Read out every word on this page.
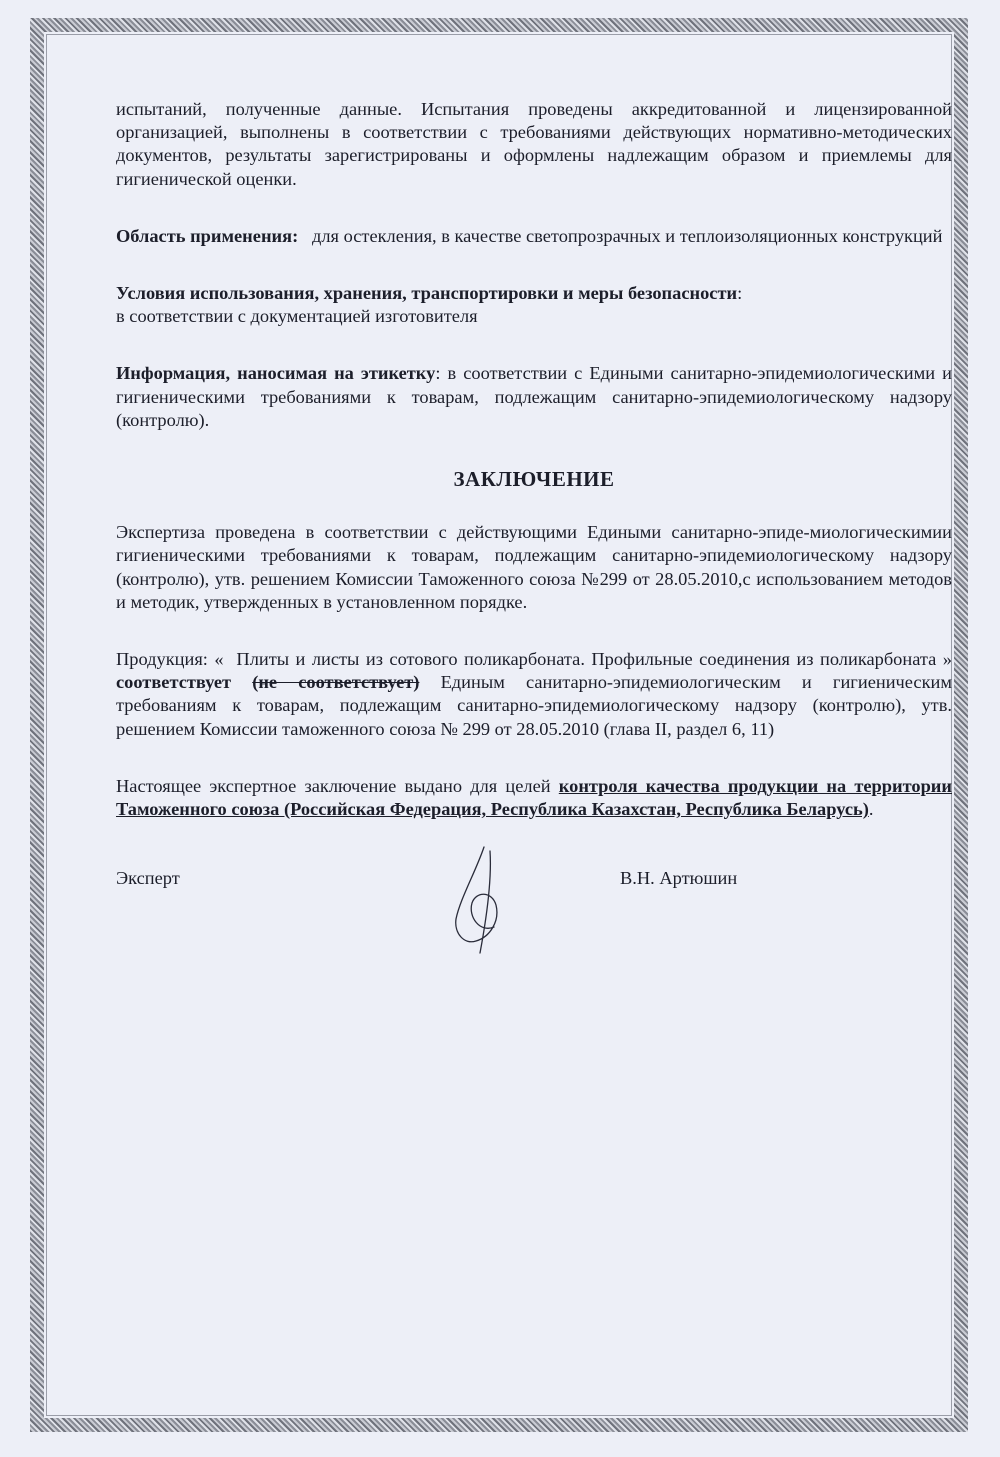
испытаний, полученные данные. Испытания проведены аккредитованной и лицензированной организацией, выполнены в соответствии с требованиями действующих нормативно-методических документов, результаты зарегистрированы и оформлены надлежащим образом и приемлемы для гигиенической оценки.

Область применения: для остекления, в качестве светопрозрачных и теплоизоляционных конструкций

Условия использования, хранения, транспортировки и меры безопасности:
в соответствии с документацией изготовителя

Информация, наносимая на этикетку: в соответствии с Едиными санитарно-эпидемиологическими и гигиеническими требованиями к товарам, подлежащим санитарно-эпидемиологическому надзору (контролю).

ЗАКЛЮЧЕНИЕ

Экспертиза проведена в соответствии с действующими Едиными санитарно-эпиде-миологическимии гигиеническими требованиями к товарам, подлежащим санитарно-эпидемиологическому надзору (контролю), утв. решением Комиссии Таможенного союза №299 от 28.05.2010,с использованием методов и методик, утвержденных в установленном порядке.

Продукция: « Плиты и листы из сотового поликарбоната. Профильные соединения из поликарбоната » соответствует (не соответствует) Единым санитарно-эпидемиологическим и гигиеническим требованиям к товарам, подлежащим санитарно-эпидемиологическому надзору (контролю), утв. решением Комиссии таможенного союза № 299 от 28.05.2010 (глава II, раздел 6, 11)

Настоящее экспертное заключение выдано для целей контроля качества продукции на территории Таможенного союза (Российская Федерация, Республика Казахстан, Республика Беларусь).

Эксперт	В.Н. Артюшин
